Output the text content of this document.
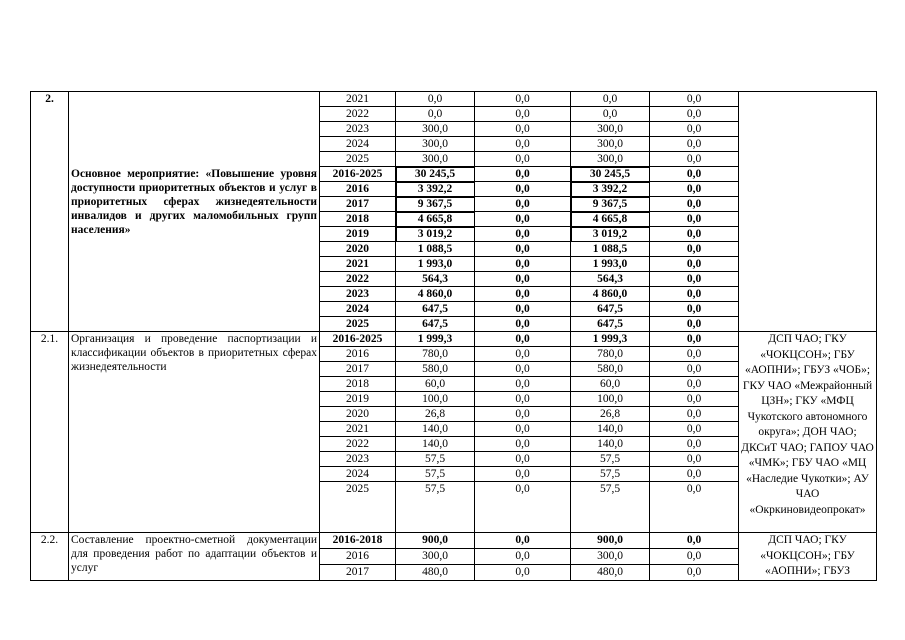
2.	Основное мероприятие: «Повышение уровня доступности приоритетных объектов и услуг в приоритетных сферах жизнедеятельности инвалидов и других маломобильных групп населения»	2021	0,0	0,0	0,0	0,0	
		2022	0,0	0,0	0,0	0,0	
		2023	300,0	0,0	300,0	0,0	
		2024	300,0	0,0	300,0	0,0	
		2025	300,0	0,0	300,0	0,0	
		2016-2025	30 245,5	0,0	30 245,5	0,0	
		2016	3 392,2	0,0	3 392,2	0,0	
		2017	9 367,5	0,0	9 367,5	0,0	
		2018	4 665,8	0,0	4 665,8	0,0	
		2019	3 019,2	0,0	3 019,2	0,0	
		2020	1 088,5	0,0	1 088,5	0,0	
		2021	1 993,0	0,0	1 993,0	0,0	
		2022	564,3	0,0	564,3	0,0	
		2023	4 860,0	0,0	4 860,0	0,0	
		2024	647,5	0,0	647,5	0,0	
		2025	647,5	0,0	647,5	0,0	
2.1.	Организация и проведение паспортизации и классификации объектов в приоритетных сферах жизнедеятельности	2016-2025	1 999,3	0,0	1 999,3	0,0	ДСП ЧАО; ГКУ «ЧОКЦСОН»; ГБУ «АОПНИ»; ГБУЗ «ЧОБ»; ГКУ ЧАО «Межрайонный ЦЗН»; ГКУ «МФЦ Чукотского автономного округа»; ДОН ЧАО; ДКСиТ ЧАО; ГАПОУ ЧАО «ЧМК»; ГБУ ЧАО «МЦ «Наследие Чукотки»; АУ ЧАО «Окркиновидеопрокат»
		2016	780,0	0,0	780,0	0,0	
		2017	580,0	0,0	580,0	0,0	
		2018	60,0	0,0	60,0	0,0	
		2019	100,0	0,0	100,0	0,0	
		2020	26,8	0,0	26,8	0,0	
		2021	140,0	0,0	140,0	0,0	
		2022	140,0	0,0	140,0	0,0	
		2023	57,5	0,0	57,5	0,0	
		2024	57,5	0,0	57,5	0,0	
		2025	57,5	0,0	57,5	0,0	
2.2.	Составление проектно-сметной документации для проведения работ по адаптации объектов и услуг	2016-2018	900,0	0,0	900,0	0,0	ДСП ЧАО; ГКУ «ЧОКЦСОН»; ГБУ «АОПНИ»; ГБУЗ
		2016	300,0	0,0	300,0	0,0	
		2017	480,0	0,0	480,0	0,0	
